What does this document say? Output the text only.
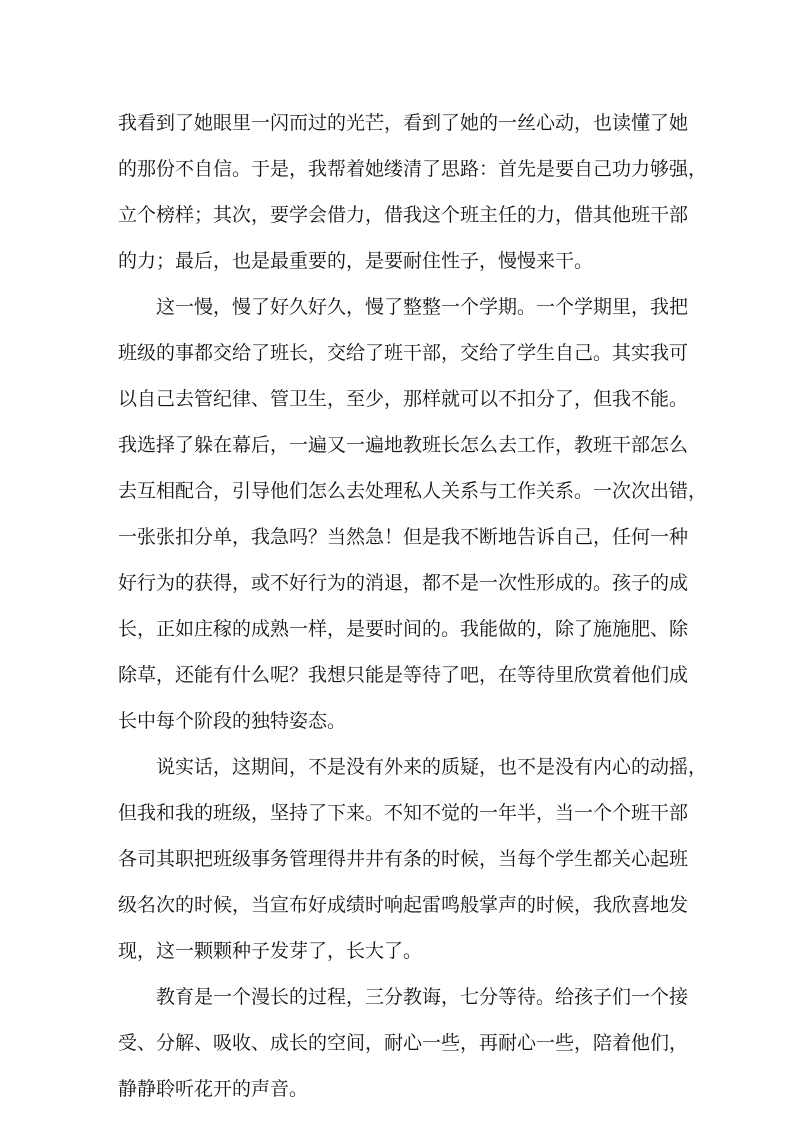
我看到了她眼里一闪而过的光芒，看到了她的一丝心动，也读懂了她
的那份不自信。于是，我帮着她缕清了思路：首先是要自己功力够强，
立个榜样；其次，要学会借力，借我这个班主任的力，借其他班干部
的力；最后，也是最重要的，是要耐住性子，慢慢来干。
这一慢，慢了好久好久，慢了整整一个学期。一个学期里，我把
班级的事都交给了班长，交给了班干部，交给了学生自己。其实我可
以自己去管纪律、管卫生，至少，那样就可以不扣分了，但我不能。
我选择了躲在幕后，一遍又一遍地教班长怎么去工作，教班干部怎么
去互相配合，引导他们怎么去处理私人关系与工作关系。一次次出错，
一张张扣分单，我急吗？当然急！但是我不断地告诉自己，任何一种
好行为的获得，或不好行为的消退，都不是一次性形成的。孩子的成
长，正如庄稼的成熟一样，是要时间的。我能做的，除了施施肥、除
除草，还能有什么呢？我想只能是等待了吧，在等待里欣赏着他们成
长中每个阶段的独特姿态。
说实话，这期间，不是没有外来的质疑，也不是没有内心的动摇，
但我和我的班级，坚持了下来。不知不觉的一年半，当一个个班干部
各司其职把班级事务管理得井井有条的时候，当每个学生都关心起班
级名次的时候，当宣布好成绩时响起雷鸣般掌声的时候，我欣喜地发
现，这一颗颗种子发芽了，长大了。
教育是一个漫长的过程，三分教诲，七分等待。给孩子们一个接
受、分解、吸收、成长的空间，耐心一些，再耐心一些，陪着他们，
静静聆听花开的声音。
